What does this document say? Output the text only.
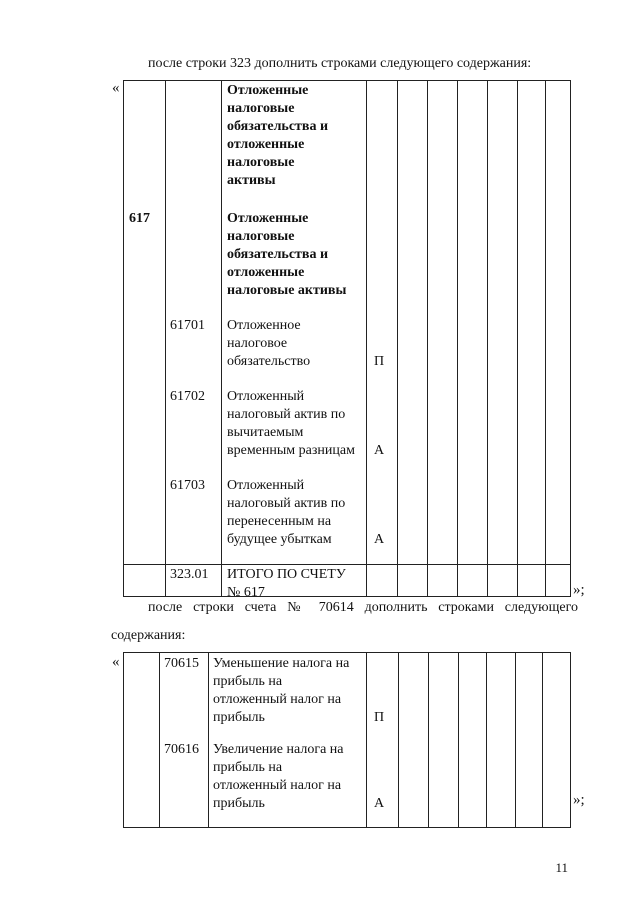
после строки 323 дополнить строками следующего содержания:
«	Отложенные
налоговые
обязательства и
отложенные
налоговые
активы
617	Отложенные
налоговые
обязательства и
отложенные
налоговые активы
61701 Отложенное
налоговое
обязательство	П
61702 Отложенный
налоговый актив по
вычитаемым
временным разницам А
61703 Отложенный
налоговый актив по
перенесенным на
будущее убыткам	А
323.01 ИТОГО ПО СЧЕТУ
№ 617	»;
после строки счета № 70614 дополнить строками следующего
содержания:
«	70615 Уменьшение налога на
прибыль на
отложенный налог на
прибыль	П
70616 Увеличение налога на
прибыль на
отложенный налог на
прибыль	А	»;
11
